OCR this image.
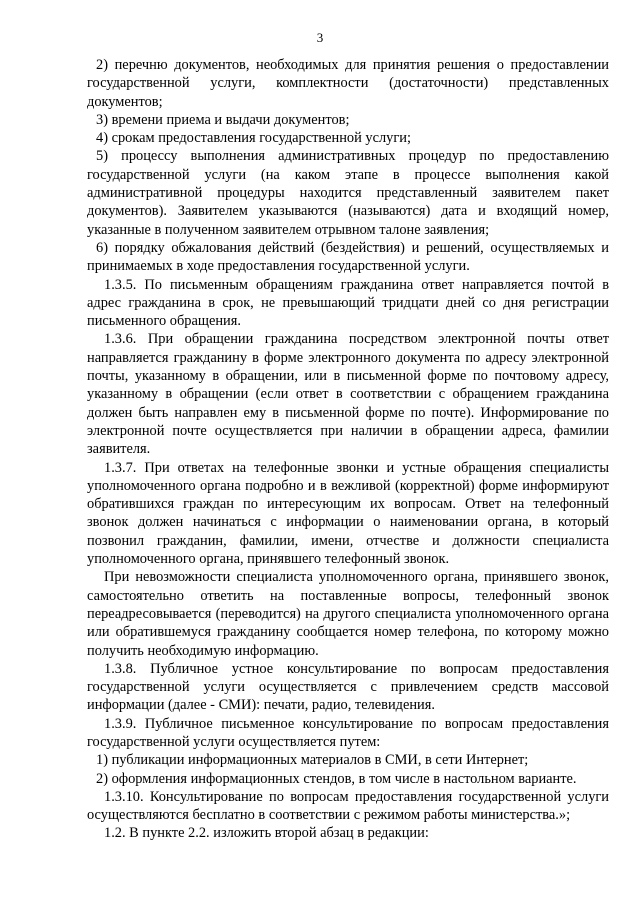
3

2) перечню документов, необходимых для принятия решения о предоставлении государственной услуги, комплектности (достаточности) представленных документов;

3) времени приема и выдачи документов;

4) срокам предоставления государственной услуги;

5) процессу выполнения административных процедур по предоставлению государственной услуги (на каком этапе в процессе выполнения какой административной процедуры находится представленный заявителем пакет документов). Заявителем указываются (называются) дата и входящий номер, указанные в полученном заявителем отрывном талоне заявления;

6) порядку обжалования действий (бездействия) и решений, осуществляемых и принимаемых в ходе предоставления государственной услуги.

1.3.5. По письменным обращениям гражданина ответ направляется почтой в адрес гражданина в срок, не превышающий тридцати дней со дня регистрации письменного обращения.

1.3.6. При обращении гражданина посредством электронной почты ответ направляется гражданину в форме электронного документа по адресу электронной почты, указанному в обращении, или в письменной форме по почтовому адресу, указанному в обращении (если ответ в соответствии с обращением гражданина должен быть направлен ему в письменной форме по почте). Информирование по электронной почте осуществляется при наличии в обращении адреса, фамилии заявителя.

1.3.7. При ответах на телефонные звонки и устные обращения специалисты уполномоченного органа подробно и в вежливой (корректной) форме информируют обратившихся граждан по интересующим их вопросам. Ответ на телефонный звонок должен начинаться с информации о наименовании органа, в который позвонил гражданин, фамилии, имени, отчестве и должности специалиста уполномоченного органа, принявшего телефонный звонок.

При невозможности специалиста уполномоченного органа, принявшего звонок, самостоятельно ответить на поставленные вопросы, телефонный звонок переадресовывается (переводится) на другого специалиста уполномоченного органа или обратившемуся гражданину сообщается номер телефона, по которому можно получить необходимую информацию.

1.3.8. Публичное устное консультирование по вопросам предоставления государственной услуги осуществляется с привлечением средств массовой информации (далее - СМИ): печати, радио, телевидения.

1.3.9. Публичное письменное консультирование по вопросам предоставления государственной услуги осуществляется путем:

1) публикации информационных материалов в СМИ, в сети Интернет;

2) оформления информационных стендов, в том числе в настольном варианте.

1.3.10. Консультирование по вопросам предоставления государственной услуги осуществляются бесплатно в соответствии с режимом работы министерства.»;

1.2. В пункте 2.2. изложить второй абзац в редакции:
